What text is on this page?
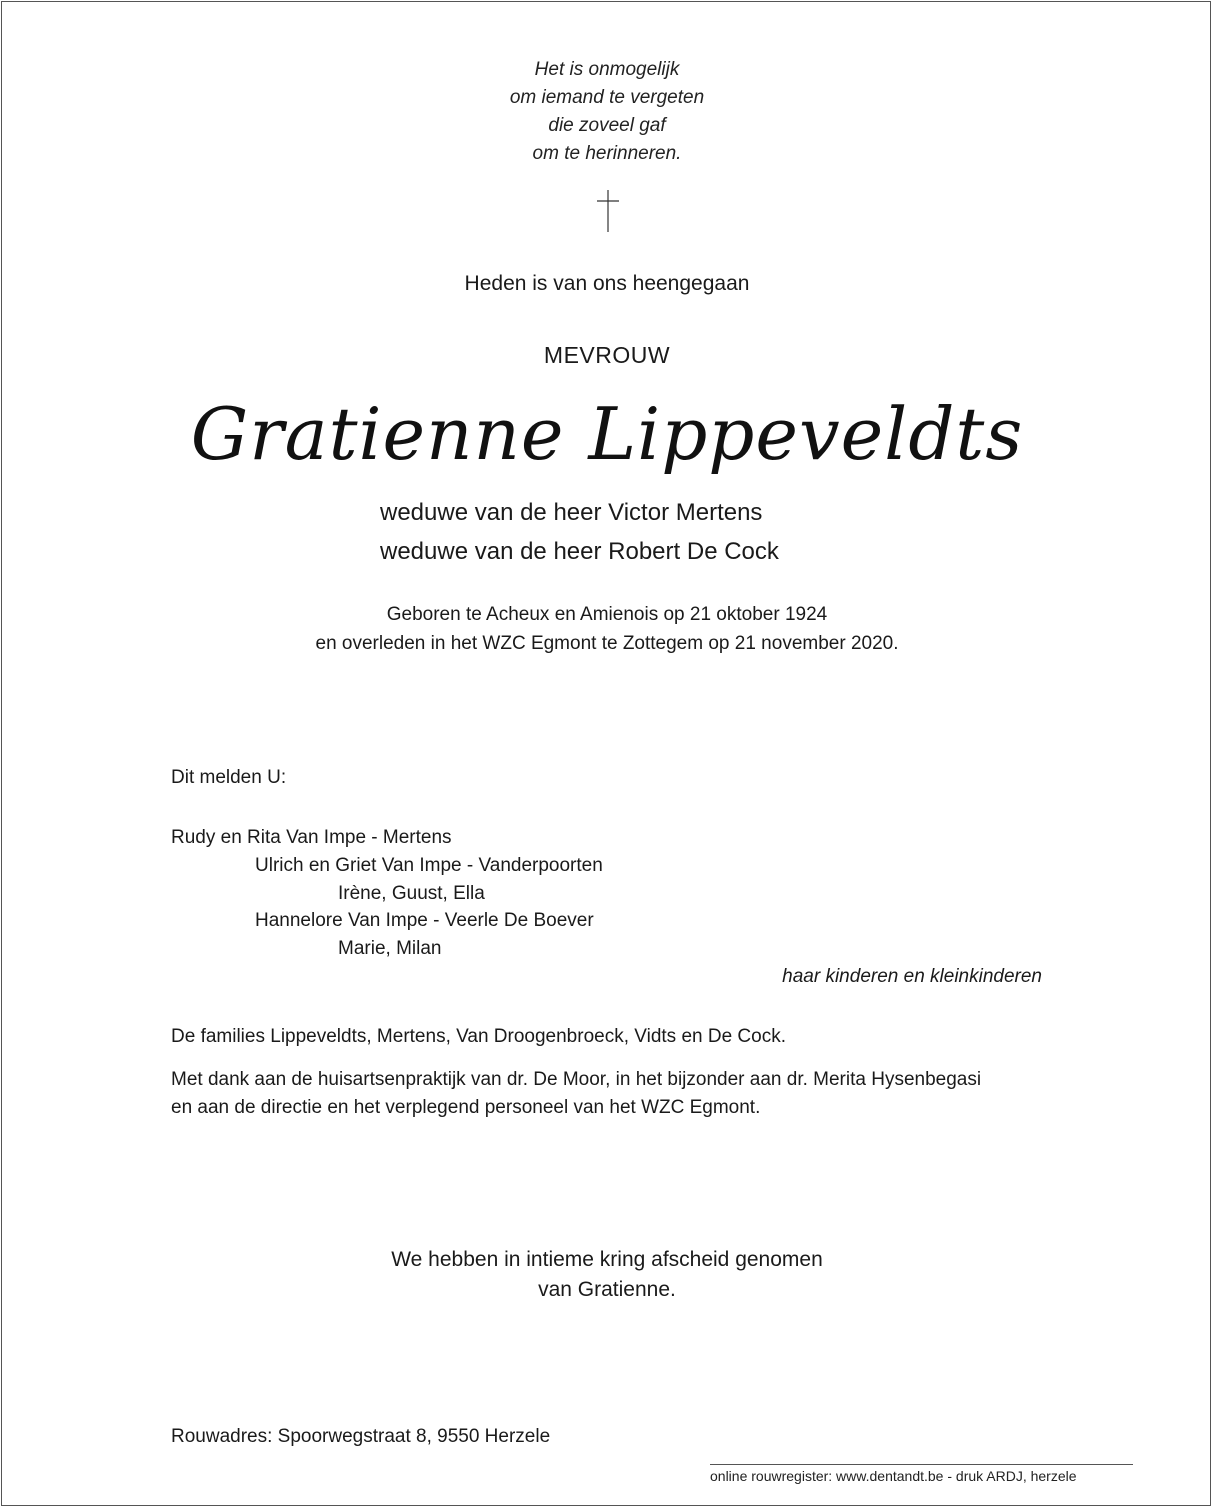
Het is onmogelijk
om iemand te vergeten
die zoveel gaf
om te herinneren.
Heden is van ons heengegaan
MEVROUW
Gratienne Lippeveldts
weduwe van de heer Victor Mertens
weduwe van de heer Robert De Cock
Geboren te Acheux en Amienois op 21 oktober 1924
en overleden in het WZC Egmont te Zottegem op 21 november 2020.
Dit melden U:
Rudy en Rita Van Impe - Mertens
Ulrich en Griet Van Impe - Vanderpoorten
Irène, Guust, Ella
Hannelore Van Impe - Veerle De Boever
Marie, Milan
haar kinderen en kleinkinderen
De families Lippeveldts, Mertens, Van Droogenbroeck, Vidts en De Cock.
Met dank aan de huisartsenpraktijk van dr. De Moor, in het bijzonder aan dr. Merita Hysenbegasi
en aan de directie en het verplegend personeel van het WZC Egmont.
We hebben in intieme kring afscheid genomen
van Gratienne.
Rouwadres: Spoorwegstraat 8, 9550 Herzele
online rouwregister: www.dentandt.be - druk ARDJ, herzele
